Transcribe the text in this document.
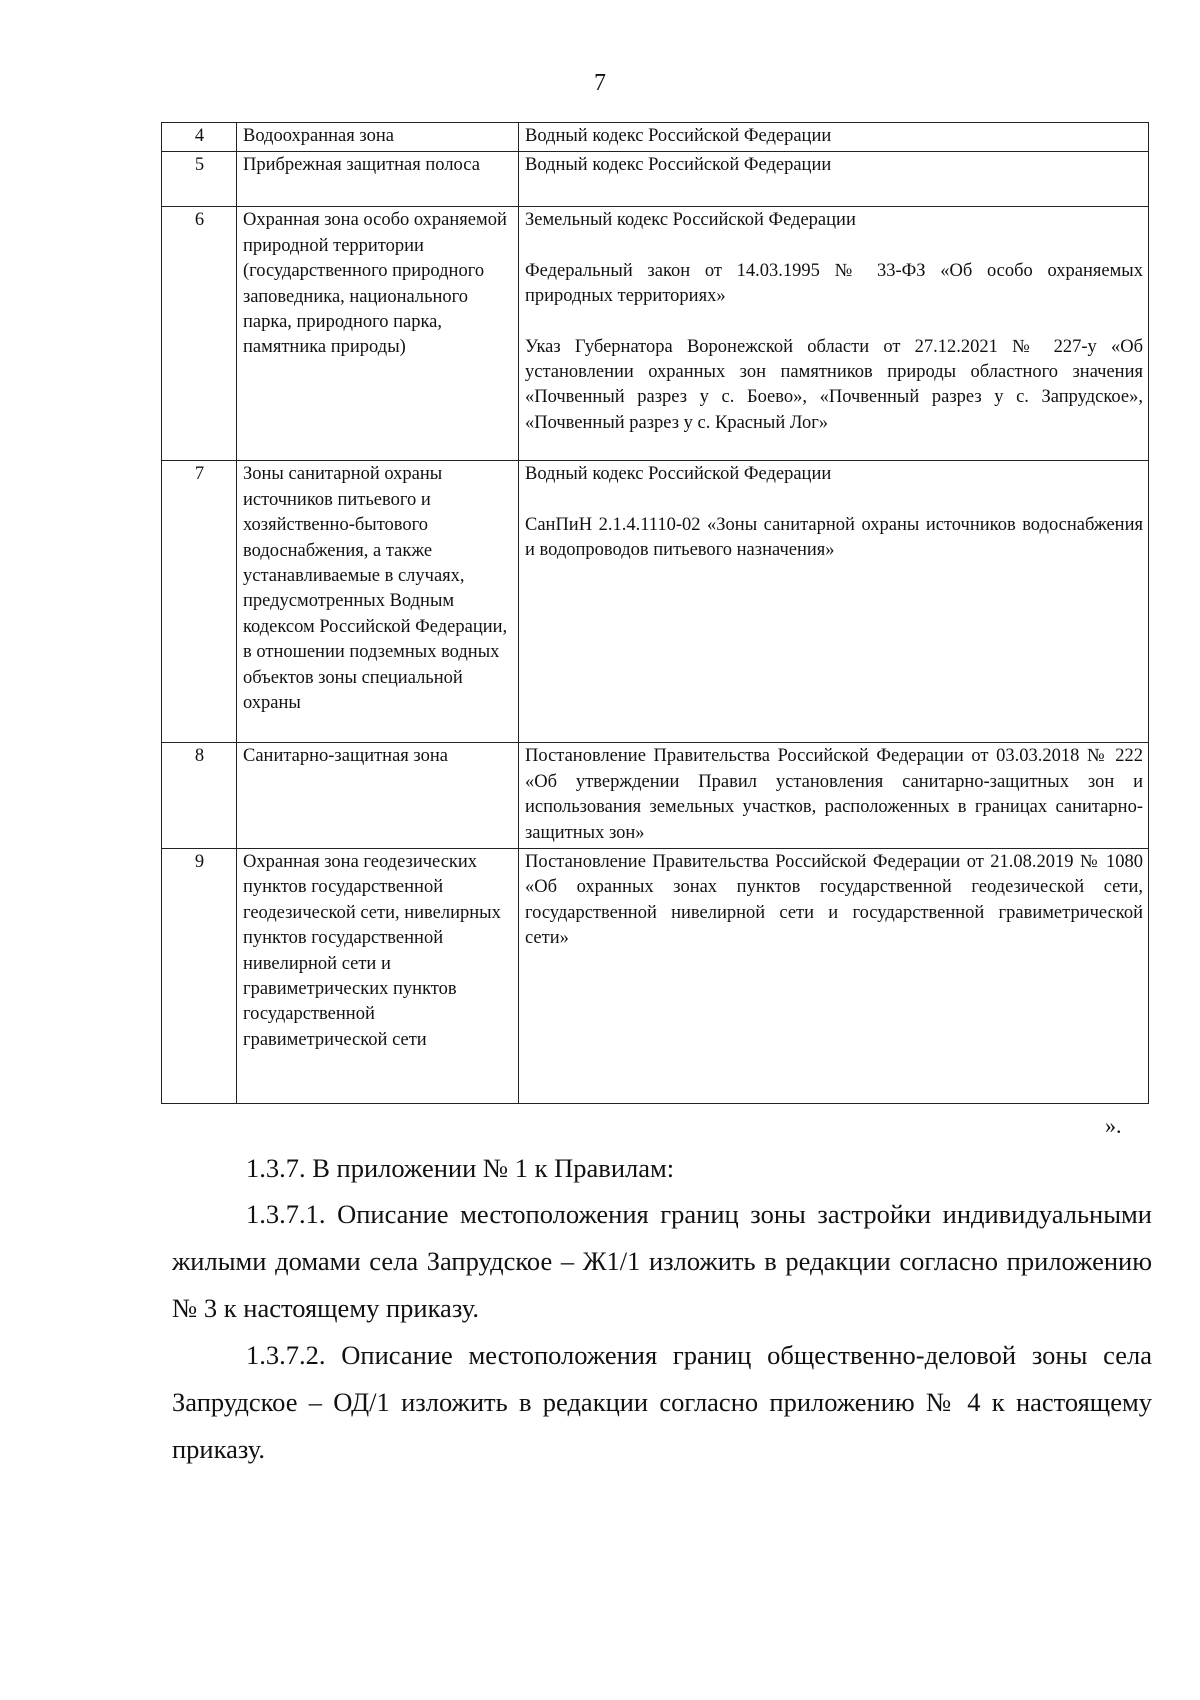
7
4	Водоохранная зона	Водный кодекс Российской Федерации

5	Прибрежная защитная полоса	Водный кодекс Российской Федерации

6	Охранная зона особо охраняемой природной территории (государственного природного заповедника, национального парка, природного парка, памятника природы)	Земельный кодекс Российской Федерации
Федеральный закон от 14.03.1995 № 33-ФЗ «Об особо охраняемых природных территориях»
Указ Губернатора Воронежской области от 27.12.2021 № 227-у «Об установлении охранных зон памятников природы областного значения «Почвенный разрез у с. Боево», «Почвенный разрез у с. Запрудское», «Почвенный разрез у с. Красный Лог»

7	Зоны санитарной охраны источников питьевого и хозяйственно-бытового водоснабжения, а также устанавливаемые в случаях, предусмотренных Водным кодексом Российской Федерации, в отношении подземных водных объектов зоны специальной охраны	Водный кодекс Российской Федерации
СанПиН 2.1.4.1110-02 «Зоны санитарной охраны источников водоснабжения и водопроводов питьевого назначения»

8	Санитарно-защитная зона	Постановление Правительства Российской Федерации от 03.03.2018 № 222 «Об утверждении Правил установления санитарно-защитных зон и использования земельных участков, расположенных в границах санитарно-защитных зон»

9	Охранная зона геодезических пунктов государственной геодезической сети, нивелирных пунктов государственной нивелирной сети и гравиметрических пунктов государственной гравиметрической сети	Постановление Правительства Российской Федерации от 21.08.2019 № 1080 «Об охранных зонах пунктов государственной геодезической сети, государственной нивелирной сети и государственной гравиметрической сети»
».

1.3.7. В приложении № 1 к Правилам:

1.3.7.1. Описание местоположения границ зоны застройки индивидуальными жилыми домами села Запрудское – Ж1/1 изложить в редакции согласно приложению № 3 к настоящему приказу.

1.3.7.2. Описание местоположения границ общественно-деловой зоны села Запрудское – ОД/1 изложить в редакции согласно приложению № 4 к настоящему приказу.
